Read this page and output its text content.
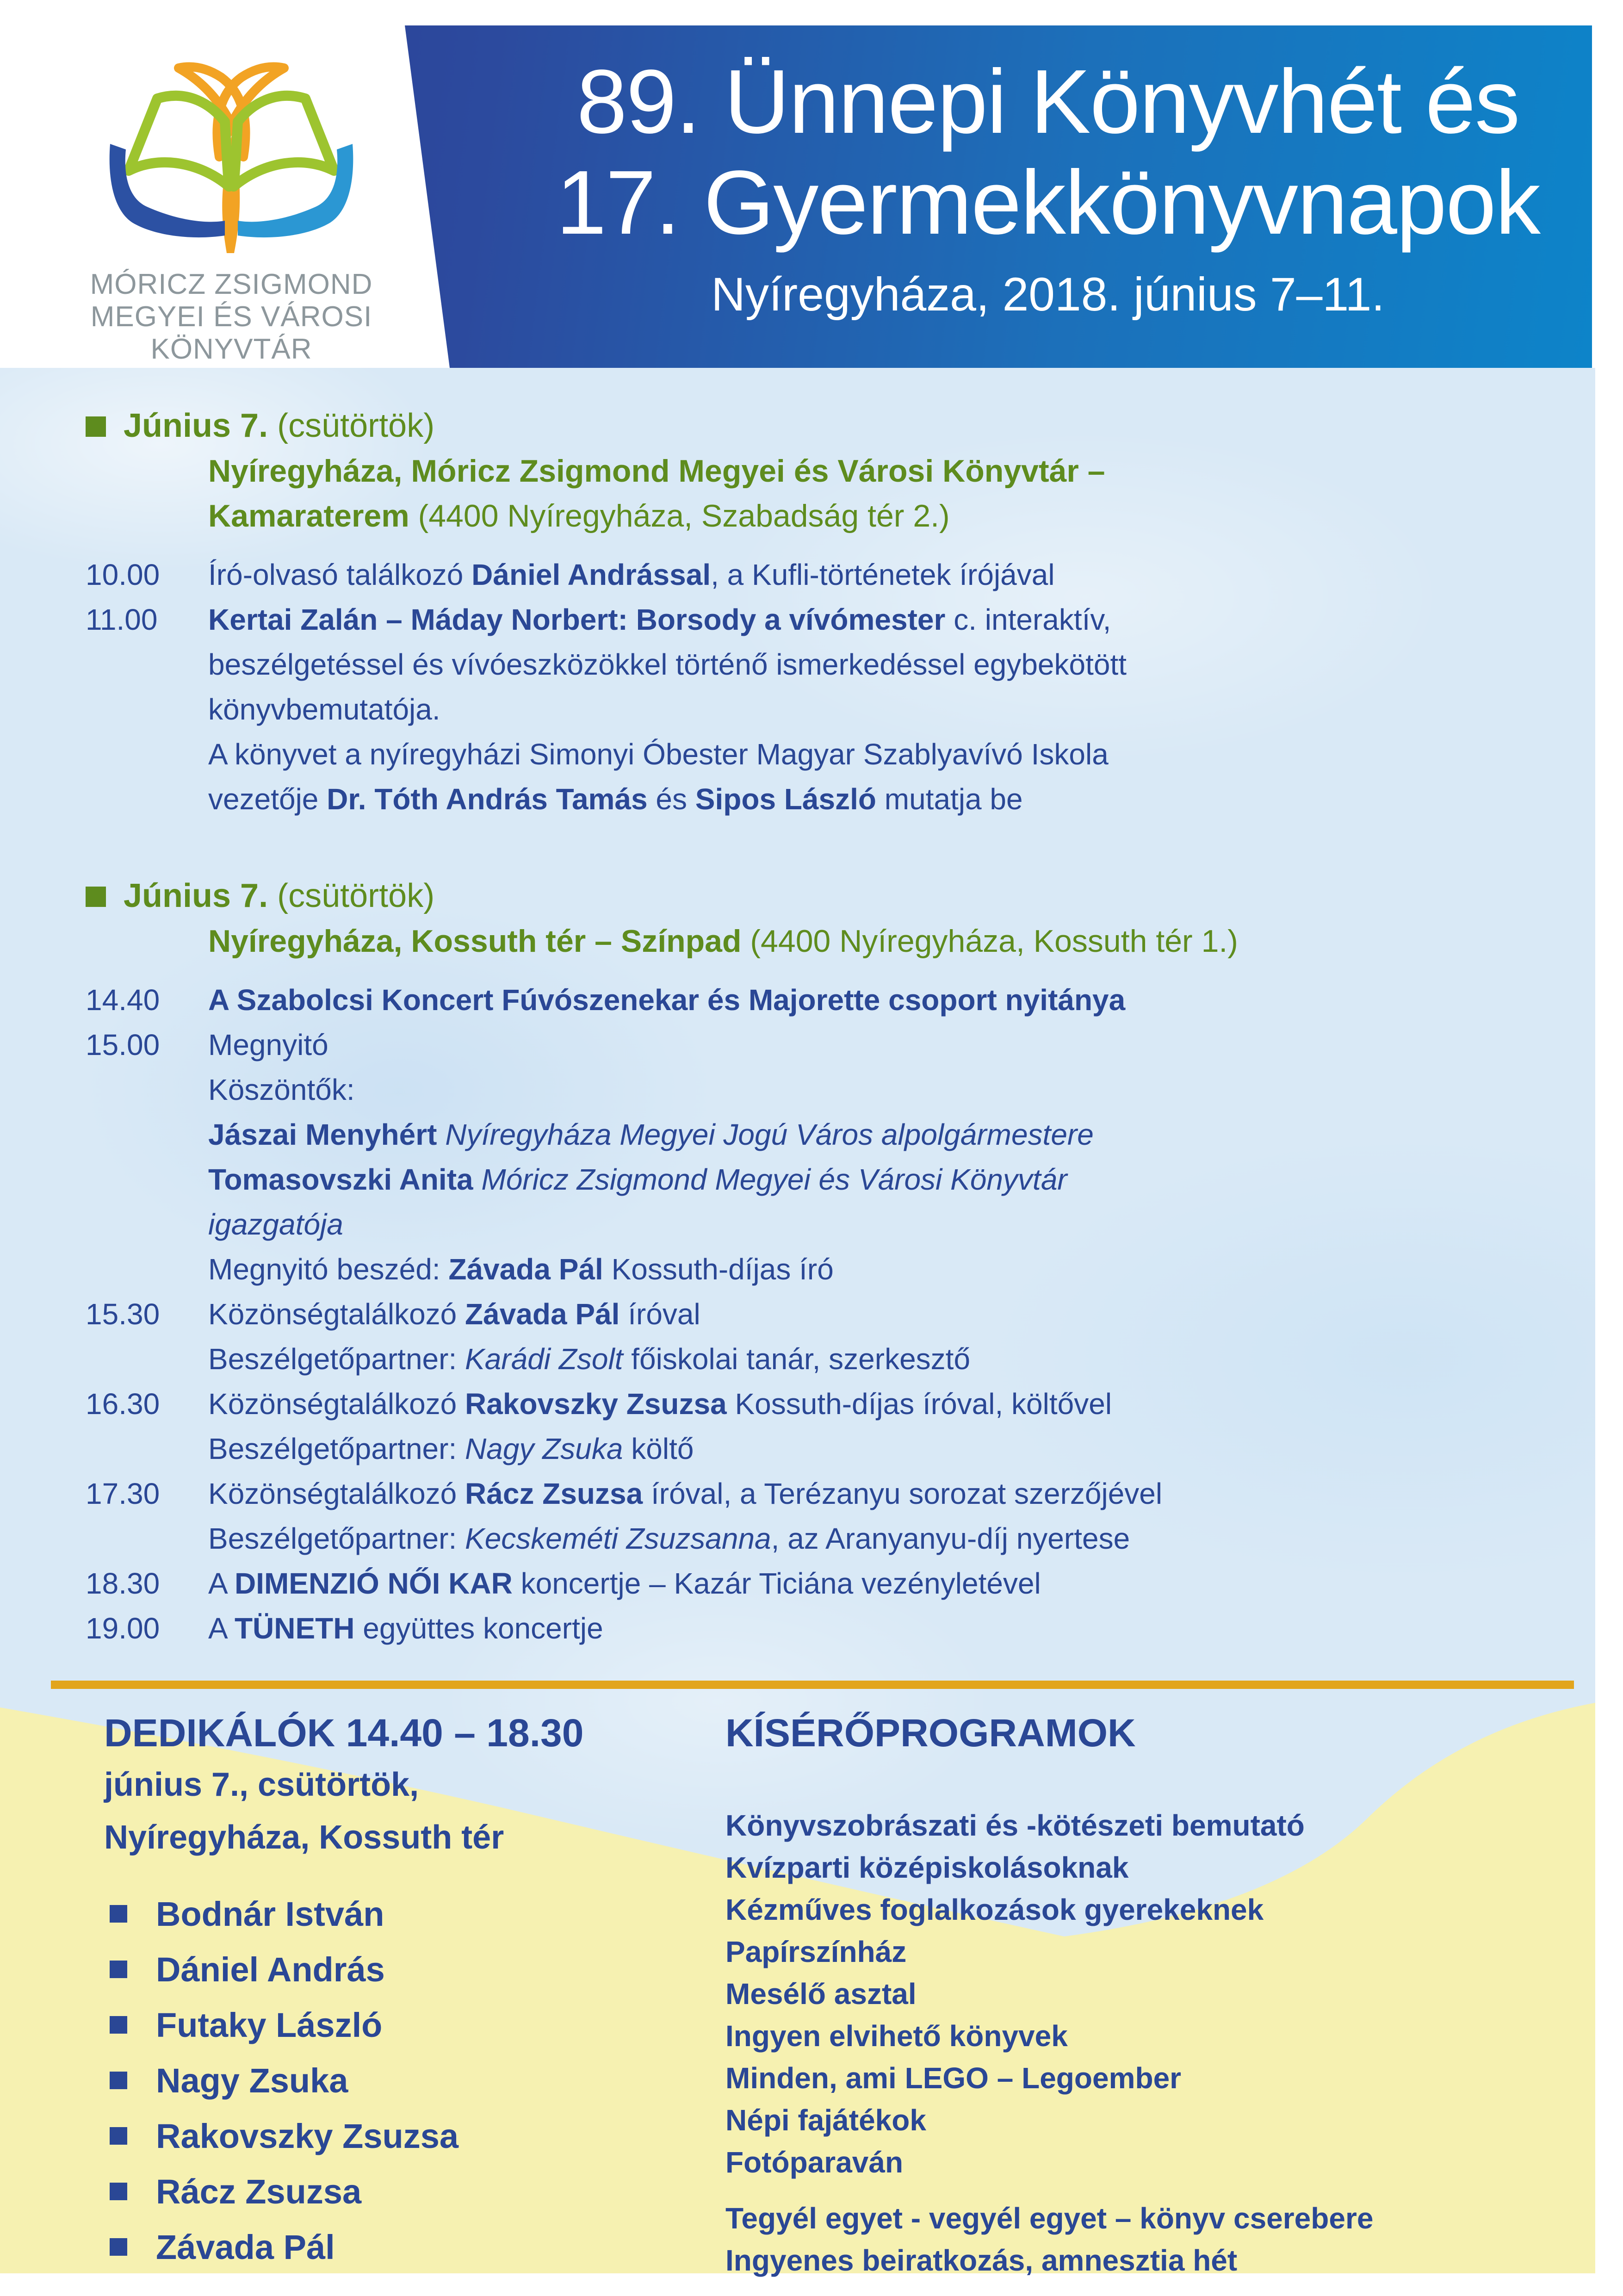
89. Ünnepi Könyvhét és
17. Gyermekkönyvnapok
Nyíregyháza, 2018. június 7–11.
MÓRICZ ZSIGMOND
MEGYEI ÉS VÁROSI
KÖNYVTÁR
Június 7. (csütörtök)
Nyíregyháza, Móricz Zsigmond Megyei és Városi Könyvtár –
Kamaraterem (4400 Nyíregyháza, Szabadság tér 2.)
10.00	Író-olvasó találkozó Dániel Andrással, a Kufli-történetek írójával
11.00	Kertai Zalán – Máday Norbert: Borsody a vívómester c. interaktív,
beszélgetéssel és vívóeszközökkel történő ismerkedéssel egybekötött
könyvbemutatója.
A könyvet a nyíregyházi Simonyi Óbester Magyar Szablyavívó Iskola
vezetője Dr. Tóth András Tamás és Sipos László mutatja be
Június 7. (csütörtök)
Nyíregyháza, Kossuth tér – Színpad (4400 Nyíregyháza, Kossuth tér 1.)
14.40	A Szabolcsi Koncert Fúvószenekar és Majorette csoport nyitánya
15.00	Megnyitó
Köszöntők:
Jászai Menyhért Nyíregyháza Megyei Jogú Város alpolgármestere
Tomasovszki Anita Móricz Zsigmond Megyei és Városi Könyvtár
igazgatója
Megnyitó beszéd: Závada Pál Kossuth-díjas író
15.30	Közönségtalálkozó Závada Pál íróval
Beszélgetőpartner: Karádi Zsolt főiskolai tanár, szerkesztő
16.30	Közönségtalálkozó Rakovszky Zsuzsa Kossuth-díjas íróval, költővel
Beszélgetőpartner: Nagy Zsuka költő
17.30	Közönségtalálkozó Rácz Zsuzsa íróval, a Terézanyu sorozat szerzőjével
Beszélgetőpartner: Kecskeméti Zsuzsanna, az Aranyanyu-díj nyertese
18.30	A DIMENZIÓ NŐI KAR koncertje – Kazár Ticiána vezényletével
19.00	A TÜNETH együttes koncertje
DEDIKÁLÓK 14.40 – 18.30
június 7., csütörtök,
Nyíregyháza, Kossuth tér
Bodnár István
Dániel András
Futaky László
Nagy Zsuka
Rakovszky Zsuzsa
Rácz Zsuzsa
Závada Pál
KÍSÉRŐPROGRAMOK
Könyvszobrászati és -kötészeti bemutató
Kvízparti középiskolásoknak
Kézműves foglalkozások gyerekeknek
Papírszínház
Mesélő asztal
Ingyen elvihető könyvek
Minden, ami LEGO – Legoember
Népi fajátékok
Fotóparaván
Tegyél egyet - vegyél egyet – könyv cserebere
Ingyenes beiratkozás, amnesztia hét
